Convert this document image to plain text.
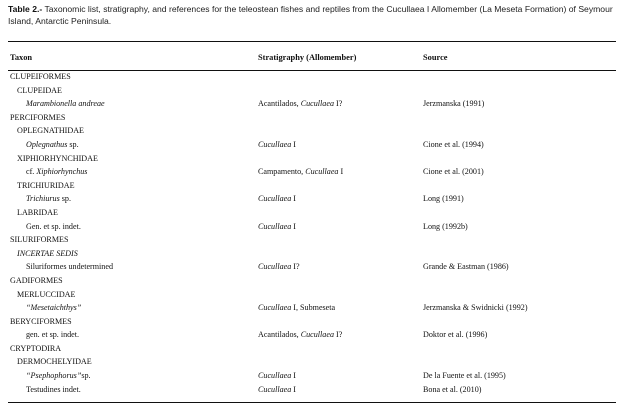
Table 2.- Taxonomic list, stratigraphy, and references for the teleostean fishes and reptiles from the Cucullaea I Allomember (La Meseta Formation) of Seymour Island, Antarctic Peninsula.
Taxon	Stratigraphy (Allomember)	Source
CLUPEIFORMES
CLUPEIDAE
Marambionella andreae	Acantilados, Cucullaea I?	Jerzmanska (1991)
PERCIFORMES
OPLEGNATHIDAE
Oplegnathus sp.	Cucullaea I	Cione et al. (1994)
XIPHIORHYNCHIDAE
cf. Xiphiorhynchus	Campamento, Cucullaea I	Cione et al. (2001)
TRICHIURIDAE
Trichiurus sp.	Cucullaea I	Long (1991)
LABRIDAE
Gen. et sp. indet.	Cucullaea I	Long (1992b)
SILURIFORMES
INCERTAE SEDIS
Siluriformes undetermined	Cucullaea I?	Grande & Eastman (1986)
GADIFORMES
MERLUCCIDAE
“Mesetaichthys”	Cucullaea I, Submeseta	Jerzmanska & Swidnicki (1992)
BERYCIFORMES
gen. et sp. indet.	Acantilados, Cucullaea I?	Doktor et al. (1996)
CRYPTODIRA
DERMOCHELYIDAE
“Psephophorus”sp.	Cucullaea I	De la Fuente et al. (1995)
Testudines indet.	Cucullaea I	Bona et al. (2010)
